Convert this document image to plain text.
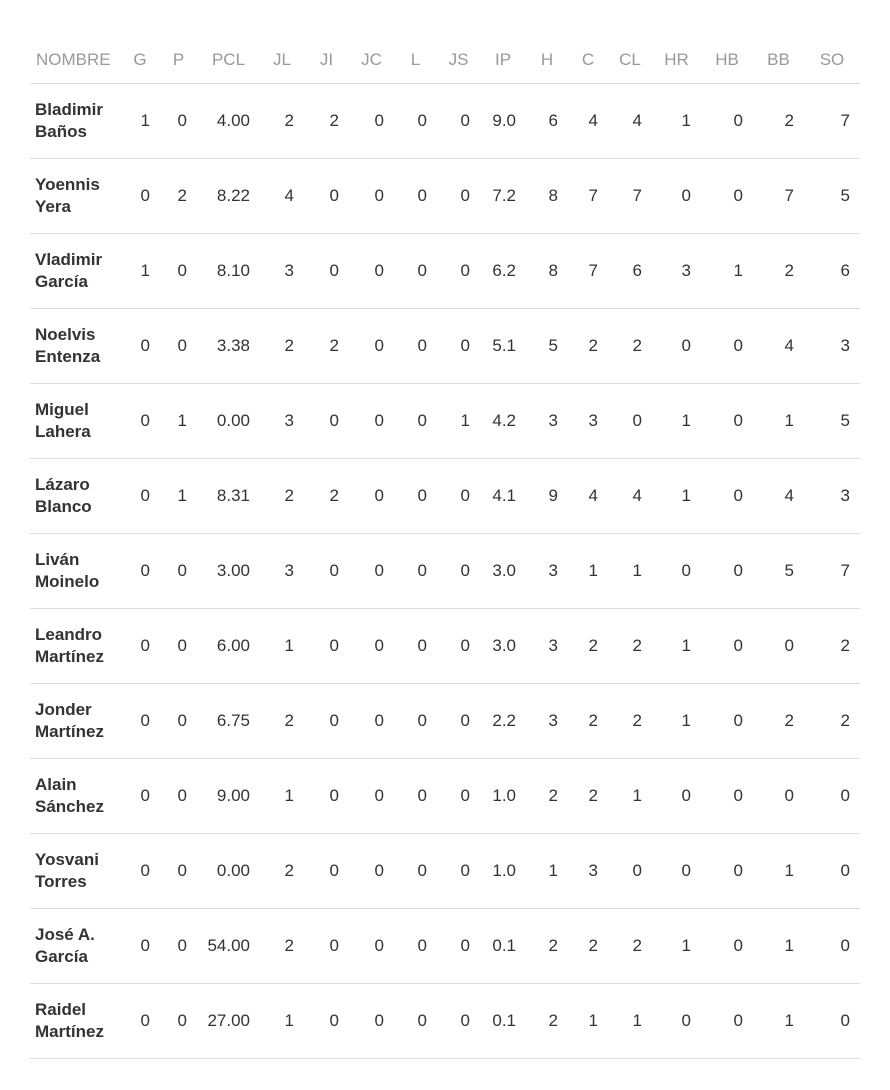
NOMBRE	G	P	PCL	JL	JI	JC	L	JS	IP	H	C	CL	HR	HB	BB	SO

Bladimir
Baños	1	0	4.00	2	2	0	0	0	9.0	6	4	4	1	0	2	7

Yoennis
Yera	0	2	8.22	4	0	0	0	0	7.2	8	7	7	0	0	7	5

Vladimir
García	1	0	8.10	3	0	0	0	0	6.2	8	7	6	3	1	2	6

Noelvis
Entenza	0	0	3.38	2	2	0	0	0	5.1	5	2	2	0	0	4	3

Miguel
Lahera	0	1	0.00	3	0	0	0	1	4.2	3	3	0	1	0	1	5

Lázaro
Blanco	0	1	8.31	2	2	0	0	0	4.1	9	4	4	1	0	4	3

Liván
Moinelo	0	0	3.00	3	0	0	0	0	3.0	3	1	1	0	0	5	7

Leandro
Martínez	0	0	6.00	1	0	0	0	0	3.0	3	2	2	1	0	0	2

Jonder
Martínez	0	0	6.75	2	0	0	0	0	2.2	3	2	2	1	0	2	2

Alain
Sánchez	0	0	9.00	1	0	0	0	0	1.0	2	2	1	0	0	0	0

Yosvani
Torres	0	0	0.00	2	0	0	0	0	1.0	1	3	0	0	0	1	0

José A.
García	0	0	54.00	2	0	0	0	0	0.1	2	2	2	1	0	1	0

Raidel
Martínez	0	0	27.00	1	0	0	0	0	0.1	2	1	1	0	0	1	0
